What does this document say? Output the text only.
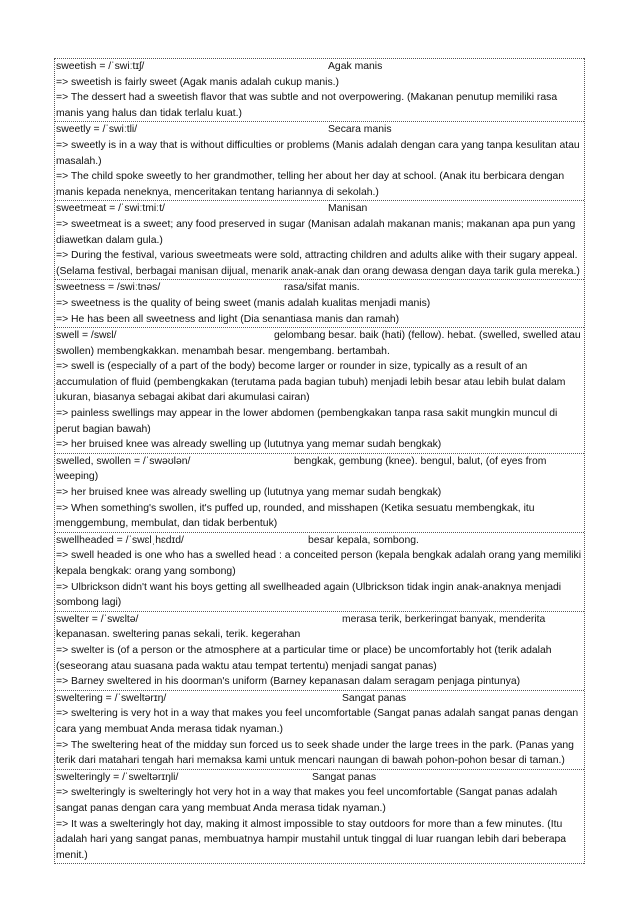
sweetish = /ˈswiːtɪʃ/	Agak manis

=> sweetish is fairly sweet (Agak manis adalah cukup manis.)

=> The dessert had a sweetish flavor that was subtle and not overpowering. (Makanan penutup memiliki rasa manis yang halus dan tidak terlalu kuat.)

sweetly = /ˈswiːtli/	Secara manis

=> sweetly is in a way that is without difficulties or problems (Manis adalah dengan cara yang tanpa kesulitan atau masalah.)

=> The child spoke sweetly to her grandmother, telling her about her day at school. (Anak itu berbicara dengan manis kepada neneknya, menceritakan tentang hariannya di sekolah.)

sweetmeat = /ˈswiːtmiːt/	Manisan

=> sweetmeat is a sweet; any food preserved in sugar (Manisan adalah makanan manis; makanan apa pun yang diawetkan dalam gula.)

=> During the festival, various sweetmeats were sold, attracting children and adults alike with their sugary appeal. (Selama festival, berbagai manisan dijual, menarik anak-anak dan orang dewasa dengan daya tarik gula mereka.)

sweetness = /swiːtnəs/	rasa/sifat manis.

=> sweetness is the quality of being sweet (manis adalah kualitas menjadi manis)

=> He has been all sweetness and light (Dia senantiasa manis dan ramah)

swell = /swɛl/	gelombang besar. baik (hati) (fellow). hebat. (swelled, swelled atau swollen) membengkakkan. menambah besar. mengembang. bertambah.

=> swell is (especially of a part of the body) become larger or rounder in size, typically as a result of an accumulation of fluid (pembengkakan (terutama pada bagian tubuh) menjadi lebih besar atau lebih bulat dalam ukuran, biasanya sebagai akibat dari akumulasi cairan)

=> painless swellings may appear in the lower abdomen (pembengkakan tanpa rasa sakit mungkin muncul di perut bagian bawah)

=> her bruised knee was already swelling up (lututnya yang memar sudah bengkak)

swelled, swollen = /ˈswəʊlən/	bengkak, gembung (knee). bengul, balut, (of eyes from weeping)

=> her bruised knee was already swelling up (lututnya yang memar sudah bengkak)

=> When something's swollen, it's puffed up, rounded, and misshapen (Ketika sesuatu membengkak, itu menggembung, membulat, dan tidak berbentuk)

swellheaded = /ˈswɛlˌhɛdɪd/	besar kepala, sombong.

=> swell headed is one who has a swelled head : a conceited person (kepala bengkak adalah orang yang memiliki kepala bengkak: orang yang sombong)

=> Ulbrickson didn't want his boys getting all swellheaded again (Ulbrickson tidak ingin anak-anaknya menjadi sombong lagi)

swelter = /ˈswɛltə/	merasa terik, berkeringat banyak, menderita kepanasan. sweltering panas sekali, terik. kegerahan

=> swelter is (of a person or the atmosphere at a particular time or place) be uncomfortably hot (terik adalah (seseorang atau suasana pada waktu atau tempat tertentu) menjadi sangat panas)

=> Barney sweltered in his doorman's uniform (Barney kepanasan dalam seragam penjaga pintunya)

sweltering = /ˈsweltərɪŋ/	Sangat panas

=> sweltering is very hot in a way that makes you feel uncomfortable (Sangat panas adalah sangat panas dengan cara yang membuat Anda merasa tidak nyaman.)

=> The sweltering heat of the midday sun forced us to seek shade under the large trees in the park. (Panas yang terik dari matahari tengah hari memaksa kami untuk mencari naungan di bawah pohon-pohon besar di taman.)

swelteringly = /ˈsweltərɪŋli/	Sangat panas

=> swelteringly is swelteringly hot very hot in a way that makes you feel uncomfortable (Sangat panas adalah sangat panas dengan cara yang membuat Anda merasa tidak nyaman.)

=> It was a swelteringly hot day, making it almost impossible to stay outdoors for more than a few minutes. (Itu adalah hari yang sangat panas, membuatnya hampir mustahil untuk tinggal di luar ruangan lebih dari beberapa menit.)
